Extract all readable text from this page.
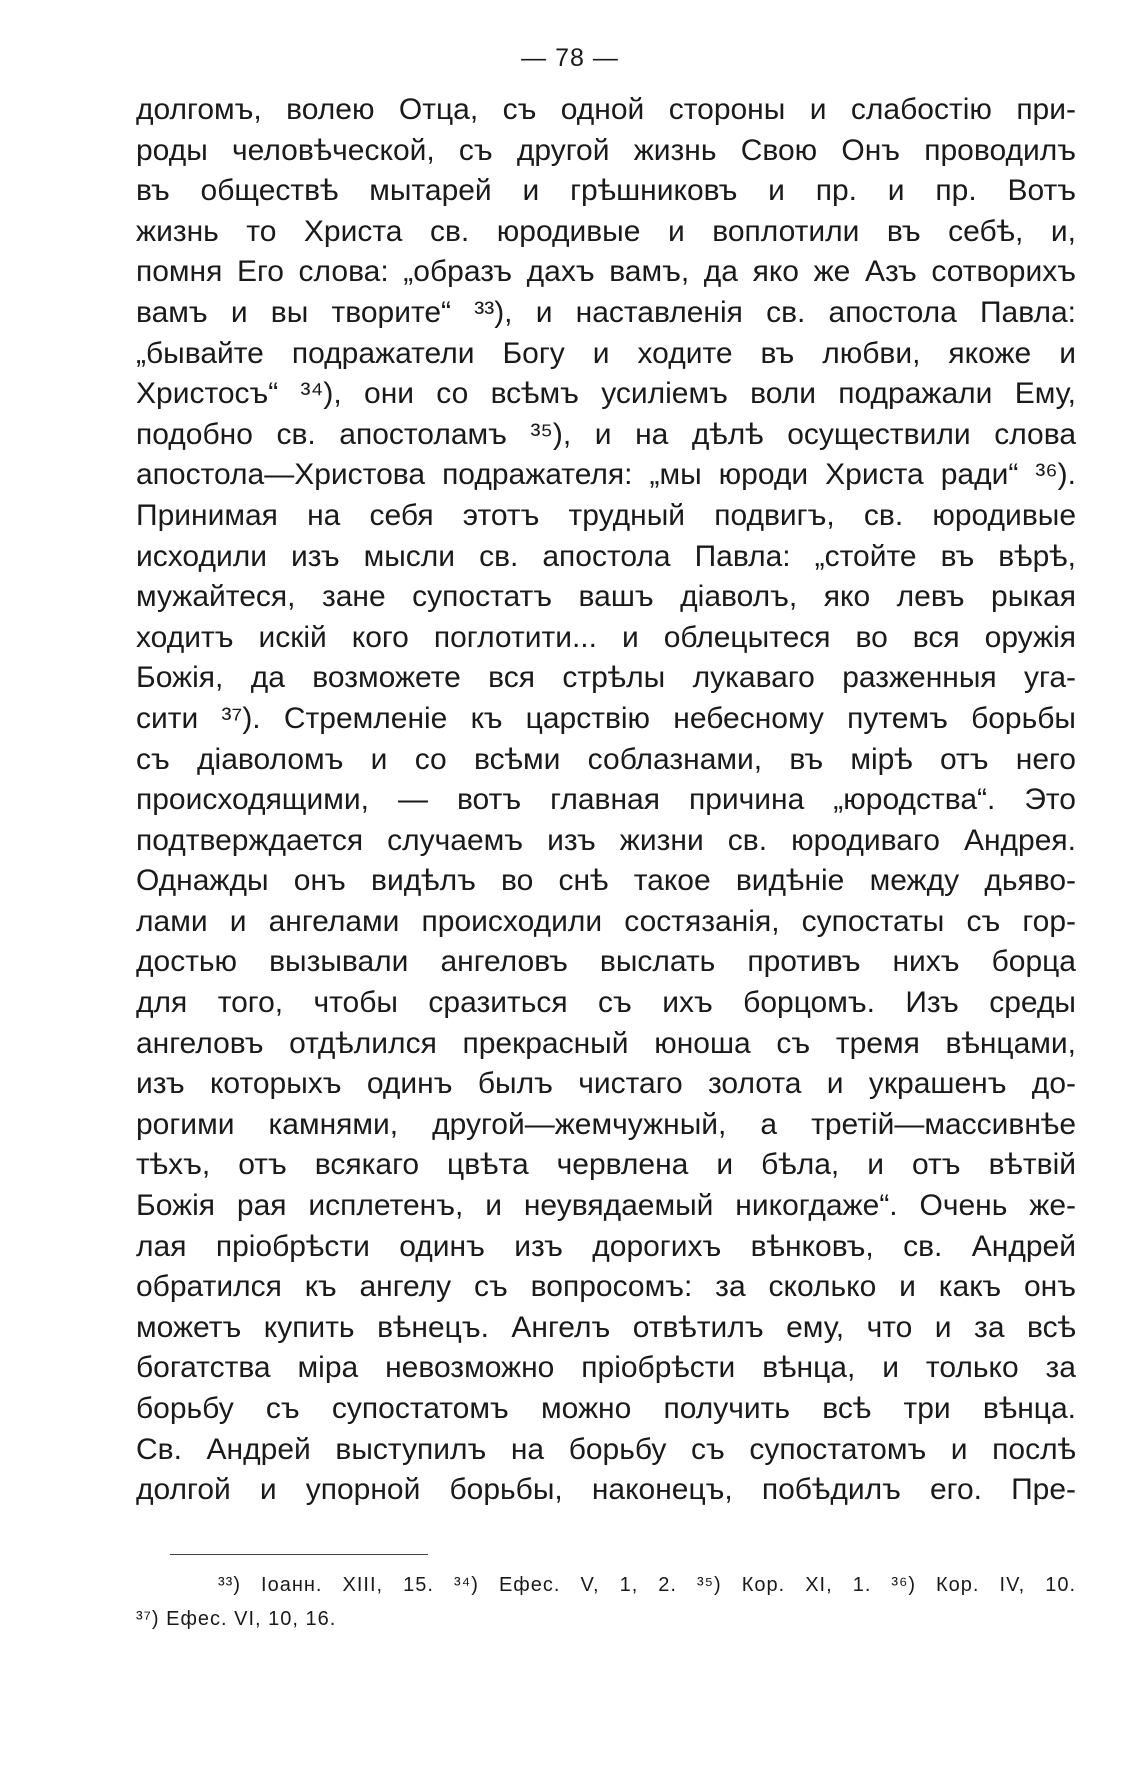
— 78 —
долгомъ, волею Отца, съ одной стороны и слабостію при-
роды человѣческой, съ другой жизнь Свою Онъ проводилъ
въ обществѣ мытарей и грѣшниковъ и пр. и пр. Вотъ
жизнь то Христа св. юродивые и воплотили въ себѣ, и,
помня Его слова: „образъ дахъ вамъ, да яко же Азъ сотворихъ
вамъ и вы творите“ ³³), и наставленія св. апостола Павла:
„бывайте подражатели Богу и ходите въ любви, якоже и
Христосъ“ ³⁴), они со всѣмъ усиліемъ воли подражали Ему,
подобно св. апостоламъ ³⁵), и на дѣлѣ осуществили слова
апостола—Христова подражателя: „мы юроди Христа ради“ ³⁶).
Принимая на себя этотъ трудный подвигъ, св. юродивые
исходили изъ мысли св. апостола Павла: „стойте въ вѣрѣ,
мужайтеся, зане супостатъ вашъ діаволъ, яко левъ рыкая
ходитъ искій кого поглотити... и облецытеся во вся оружія
Божія, да возможете вся стрѣлы лукаваго разженныя уга-
сити ³⁷). Стремленіе къ царствію небесному путемъ борьбы
съ діаволомъ и со всѣми соблазнами, въ мірѣ отъ него
происходящими, — вотъ главная причина „юродства“. Это
подтверждается случаемъ изъ жизни св. юродиваго Андрея.
Однажды онъ видѣлъ во снѣ такое видѣніе между дьяво-
лами и ангелами происходили состязанія, супостаты съ гор-
достью вызывали ангеловъ выслать противъ нихъ борца
для того, чтобы сразиться съ ихъ борцомъ. Изъ среды
ангеловъ отдѣлился прекрасный юноша съ тремя вѣнцами,
изъ которыхъ одинъ былъ чистаго золота и украшенъ до-
рогими камнями, другой—жемчужный, а третій—массивнѣе
тѣхъ, отъ всякаго цвѣта червлена и бѣла, и отъ вѣтвій
Божія рая исплетенъ, и неувядаемый никогдаже“. Очень же-
лая пріобрѣсти одинъ изъ дорогихъ вѣнковъ, св. Андрей
обратился къ ангелу съ вопросомъ: за сколько и какъ онъ
можетъ купить вѣнецъ. Ангелъ отвѣтилъ ему, что и за всѣ
богатства міра невозможно пріобрѣсти вѣнца, и только за
борьбу съ супостатомъ можно получить всѣ три вѣнца.
Св. Андрей выступилъ на борьбу съ супостатомъ и послѣ
долгой и упорной борьбы, наконецъ, побѣдилъ его. Пре-
³³) Іоанн. XIII, 15. ³⁴) Ефес. V, 1, 2. ³⁵) Кор. XI, 1. ³⁶) Кор. IV, 10.
³⁷) Ефес. VI, 10, 16.
